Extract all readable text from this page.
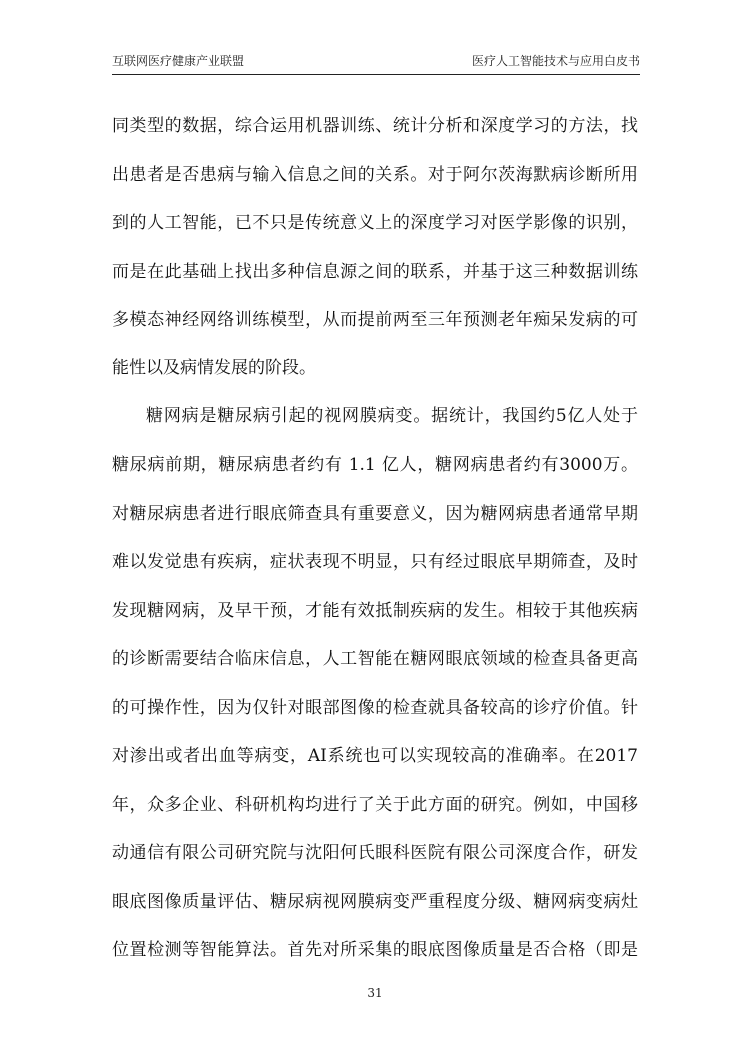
互联网医疗健康产业联盟	医疗人工智能技术与应用白皮书
同类型的数据，综合运用机器训练、统计分析和深度学习的方法，找
出患者是否患病与输入信息之间的关系。对于阿尔茨海默病诊断所用
到的人工智能，已不只是传统意义上的深度学习对医学影像的识别，
而是在此基础上找出多种信息源之间的联系，并基于这三种数据训练
多模态神经网络训练模型，从而提前两至三年预测老年痴呆发病的可
能性以及病情发展的阶段。
糖网病是糖尿病引起的视网膜病变。据统计，我国约5亿人处于
糖尿病前期，糖尿病患者约有 1.1 亿人，糖网病患者约有3000万。
对糖尿病患者进行眼底筛查具有重要意义，因为糖网病患者通常早期
难以发觉患有疾病，症状表现不明显，只有经过眼底早期筛查，及时
发现糖网病，及早干预，才能有效抵制疾病的发生。相较于其他疾病
的诊断需要结合临床信息，人工智能在糖网眼底领域的检查具备更高
的可操作性，因为仅针对眼部图像的检查就具备较高的诊疗价值。针
对渗出或者出血等病变，AI系统也可以实现较高的准确率。在2017
年，众多企业、科研机构均进行了关于此方面的研究。例如，中国移
动通信有限公司研究院与沈阳何氏眼科医院有限公司深度合作，研发
眼底图像质量评估、糖尿病视网膜病变严重程度分级、糖网病变病灶
位置检测等智能算法。首先对所采集的眼底图像质量是否合格（即是
31
